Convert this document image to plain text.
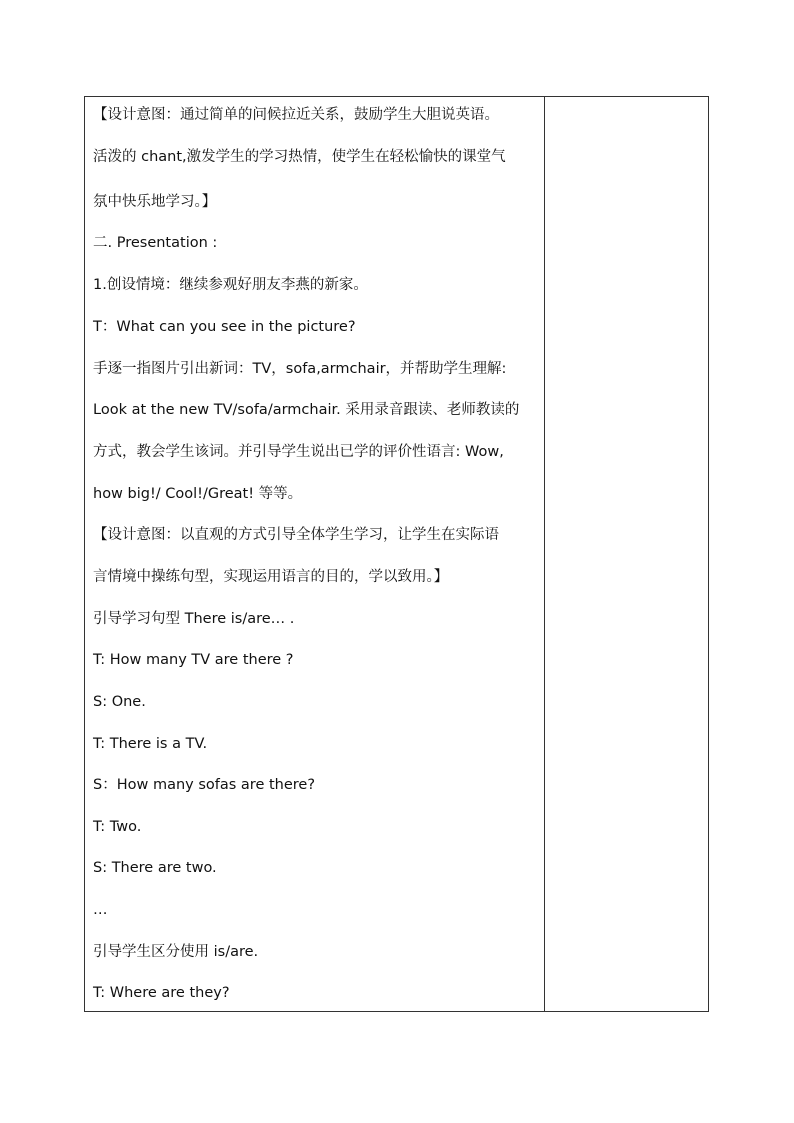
【设计意图：通过简单的问候拉近关系，鼓励学生大胆说英语。
活泼的 chant,激发学生的学习热情，使学生在轻松愉快的课堂气
氛中快乐地学习。】
二. Presentation :
1.创设情境：继续参观好朋友李燕的新家。
T：What can you see in the picture?
手逐一指图片引出新词：TV，sofa,armchair，并帮助学生理解:
Look at the new TV/sofa/armchair. 采用录音跟读、老师教读的
方式，教会学生该词。并引导学生说出已学的评价性语言: Wow,
how big!/ Cool!/Great! 等等。
【设计意图：以直观的方式引导全体学生学习，让学生在实际语
言情境中操练句型，实现运用语言的目的，学以致用。】
引导学习句型 There is/are… .
T: How many TV are there ?
S: One.
T: There is a TV.
S：How many sofas are there?
T: Two.
S: There are two.
…
引导学生区分使用 is/are.
T: Where are they?
